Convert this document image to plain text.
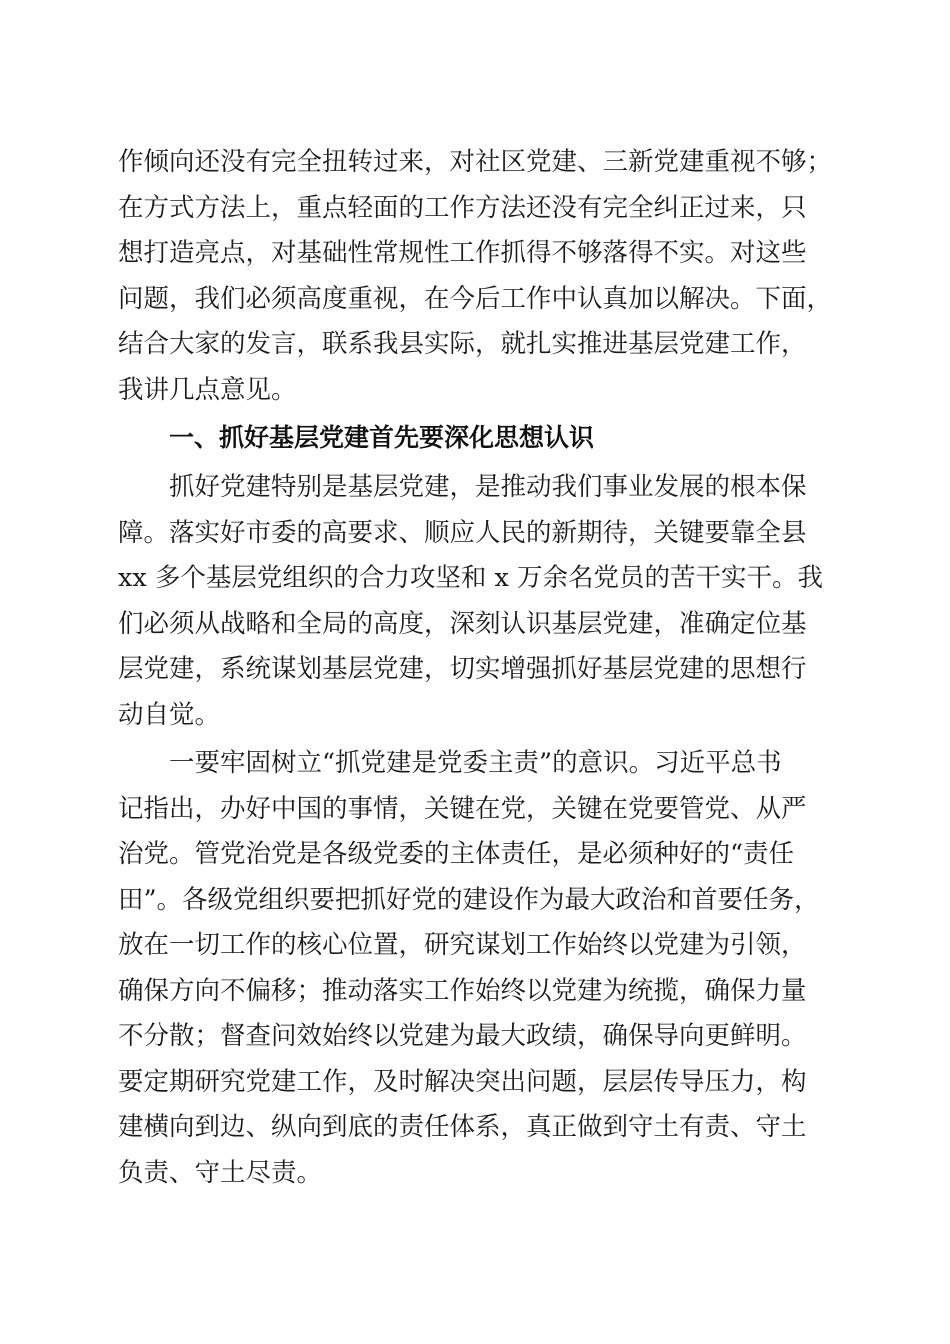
作倾向还没有完全扭转过来，对社区党建、三新党建重视不够；
在方式方法上，重点轻面的工作方法还没有完全纠正过来，只
想打造亮点，对基础性常规性工作抓得不够落得不实。对这些
问题，我们必须高度重视，在今后工作中认真加以解决。下面，
结合大家的发言，联系我县实际，就扎实推进基层党建工作，
我讲几点意见。
一、抓好基层党建首先要深化思想认识
抓好党建特别是基层党建，是推动我们事业发展的根本保
障。落实好市委的高要求、顺应人民的新期待，关键要靠全县
xx 多个基层党组织的合力攻坚和 x 万余名党员的苦干实干。我
们必须从战略和全局的高度，深刻认识基层党建，准确定位基
层党建，系统谋划基层党建，切实增强抓好基层党建的思想行
动自觉。
一要牢固树立“抓党建是党委主责”的意识。习近平总书
记指出，办好中国的事情，关键在党，关键在党要管党、从严
治党。管党治党是各级党委的主体责任，是必须种好的“责任
田”。各级党组织要把抓好党的建设作为最大政治和首要任务，
放在一切工作的核心位置，研究谋划工作始终以党建为引领，
确保方向不偏移；推动落实工作始终以党建为统揽，确保力量
不分散；督查问效始终以党建为最大政绩，确保导向更鲜明。
要定期研究党建工作，及时解决突出问题，层层传导压力，构
建横向到边、纵向到底的责任体系，真正做到守土有责、守土
负责、守土尽责。
